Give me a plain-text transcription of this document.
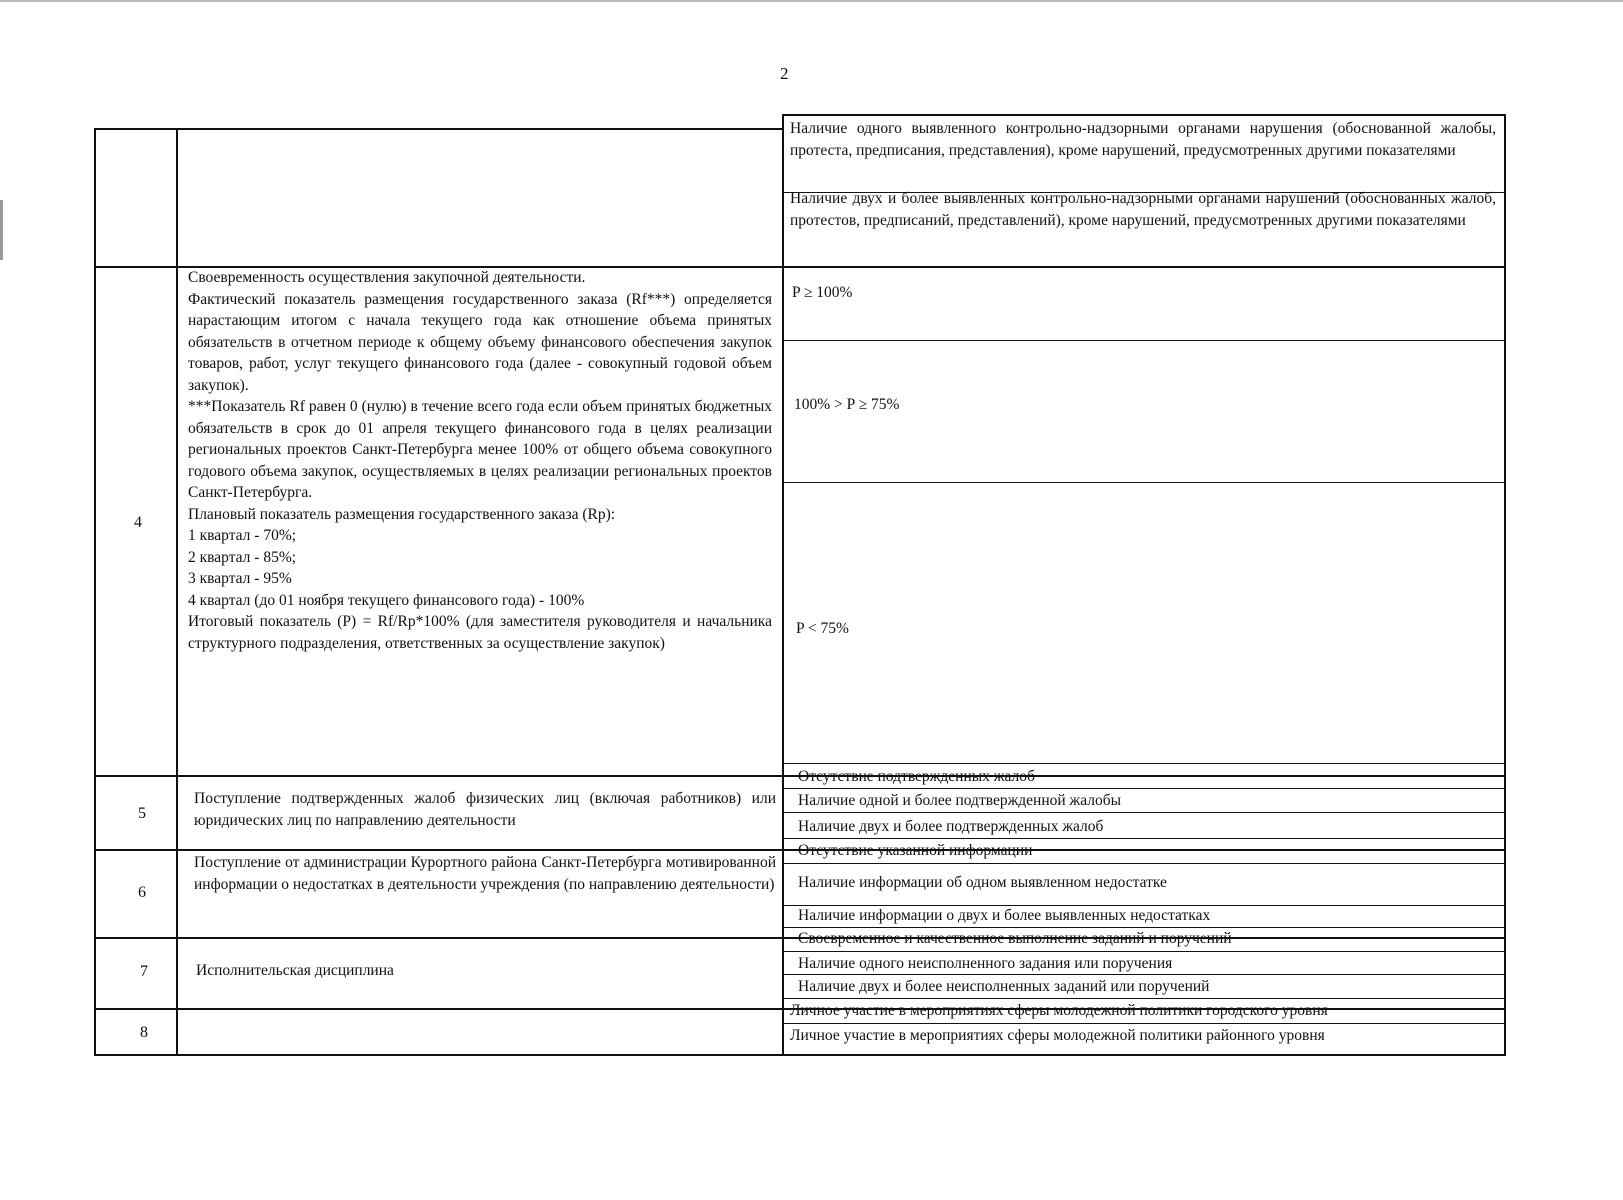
2

Наличие одного выявленного контрольно-надзорными органами нарушения (обоснованной жалобы, протеста, предписания, представления), кроме нарушений, предусмотренных другими показателями

Наличие двух и более выявленных контрольно-надзорными органами нарушений (обоснованных жалоб, протестов, предписаний, представлений), кроме нарушений, предусмотренных другими показателями

4
Своевременность осуществления закупочной деятельности.
Фактический показатель размещения государственного заказа (Rf***) определяется нарастающим итогом с начала текущего года как отношение объема принятых обязательств в отчетном периоде к общему объему финансового обеспечения закупок товаров, работ, услуг текущего финансового года (далее - совокупный годовой объем закупок).
***Показатель Rf равен 0 (нулю) в течение всего года если объем принятых бюджетных обязательств в срок до 01 апреля текущего финансового года в целях реализации региональных проектов Санкт-Петербурга менее 100% от общего объема совокупного годового объема закупок, осуществляемых в целях реализации региональных проектов Санкт-Петербурга.
Плановый показатель размещения государственного заказа (Rp):
1 квартал - 70%;
2 квартал - 85%;
3 квартал - 95%
4 квартал (до 01 ноября текущего финансового года) - 100%
Итоговый показатель (P) = Rf/Rp*100% (для заместителя руководителя и начальника структурного подразделения, ответственных за осуществление закупок)
P ≥ 100%
100% > P ≥ 75%
P < 75%
5

Поступление подтвержденных жалоб физических лиц (включая работников) или юридических лиц по направлению деятельности

Отсутствие подтвержденных жалоб
Наличие одной и более подтвержденной жалобы
Наличие двух и более подтвержденных жалоб
6

Поступление от администрации Курортного района Санкт-Петербурга мотивированной информации о недостатках в деятельности учреждения (по направлению деятельности)

Отсутствие указанной информации
Наличие информации об одном выявленном недостатке
Наличие информации о двух и более выявленных недостатках
7	Исполнительская дисциплина
Своевременное и качественное выполнение заданий и поручений
Наличие одного неисполненного задания или поручения
Наличие двух и более неисполненных заданий или поручений
8
Личное участие в мероприятиях сферы молодежной политики городского уровня
Личное участие в мероприятиях сферы молодежной политики районного уровня
